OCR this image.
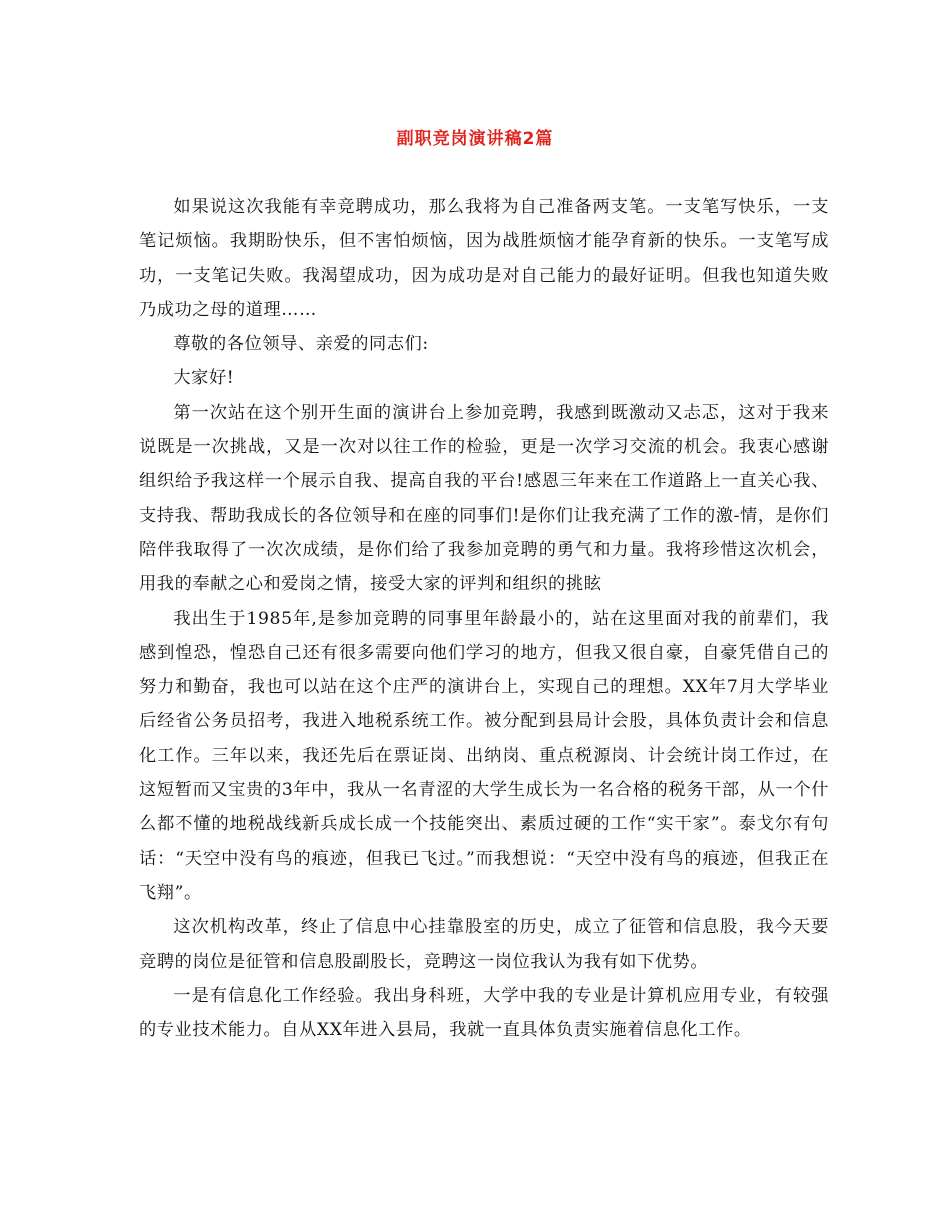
副职竞岗演讲稿2篇

如果说这次我能有幸竞聘成功，那么我将为自己准备两支笔。一支笔写快乐，一支笔记烦恼。我期盼快乐，但不害怕烦恼，因为战胜烦恼才能孕育新的快乐。一支笔写成功，一支笔记失败。我渴望成功，因为成功是对自己能力的最好证明。但我也知道失败乃成功之母的道理……

尊敬的各位领导、亲爱的同志们:

大家好!

第一次站在这个别开生面的演讲台上参加竞聘，我感到既激动又忐忑，这对于我来说既是一次挑战，又是一次对以往工作的检验，更是一次学习交流的机会。我衷心感谢组织给予我这样一个展示自我、提高自我的平台!感恩三年来在工作道路上一直关心我、支持我、帮助我成长的各位领导和在座的同事们!是你们让我充满了工作的激-情，是你们陪伴我取得了一次次成绩，是你们给了我参加竞聘的勇气和力量。我将珍惜这次机会，用我的奉献之心和爱岗之情，接受大家的评判和组织的挑眩

我出生于1985年,是参加竞聘的同事里年龄最小的，站在这里面对我的前辈们，我感到惶恐，惶恐自己还有很多需要向他们学习的地方，但我又很自豪，自豪凭借自己的努力和勤奋，我也可以站在这个庄严的演讲台上，实现自己的理想。XX年7月大学毕业后经省公务员招考，我进入地税系统工作。被分配到县局计会股，具体负责计会和信息化工作。三年以来，我还先后在票证岗、出纳岗、重点税源岗、计会统计岗工作过，在这短暂而又宝贵的3年中，我从一名青涩的大学生成长为一名合格的税务干部，从一个什么都不懂的地税战线新兵成长成一个技能突出、素质过硬的工作“实干家”。泰戈尔有句话：“天空中没有鸟的痕迹，但我已飞过。”而我想说：“天空中没有鸟的痕迹，但我正在飞翔”。

这次机构改革，终止了信息中心挂靠股室的历史，成立了征管和信息股，我今天要竞聘的岗位是征管和信息股副股长，竞聘这一岗位我认为我有如下优势。

一是有信息化工作经验。我出身科班，大学中我的专业是计算机应用专业，有较强的专业技术能力。自从XX年进入县局，我就一直具体负责实施着信息化工作。
